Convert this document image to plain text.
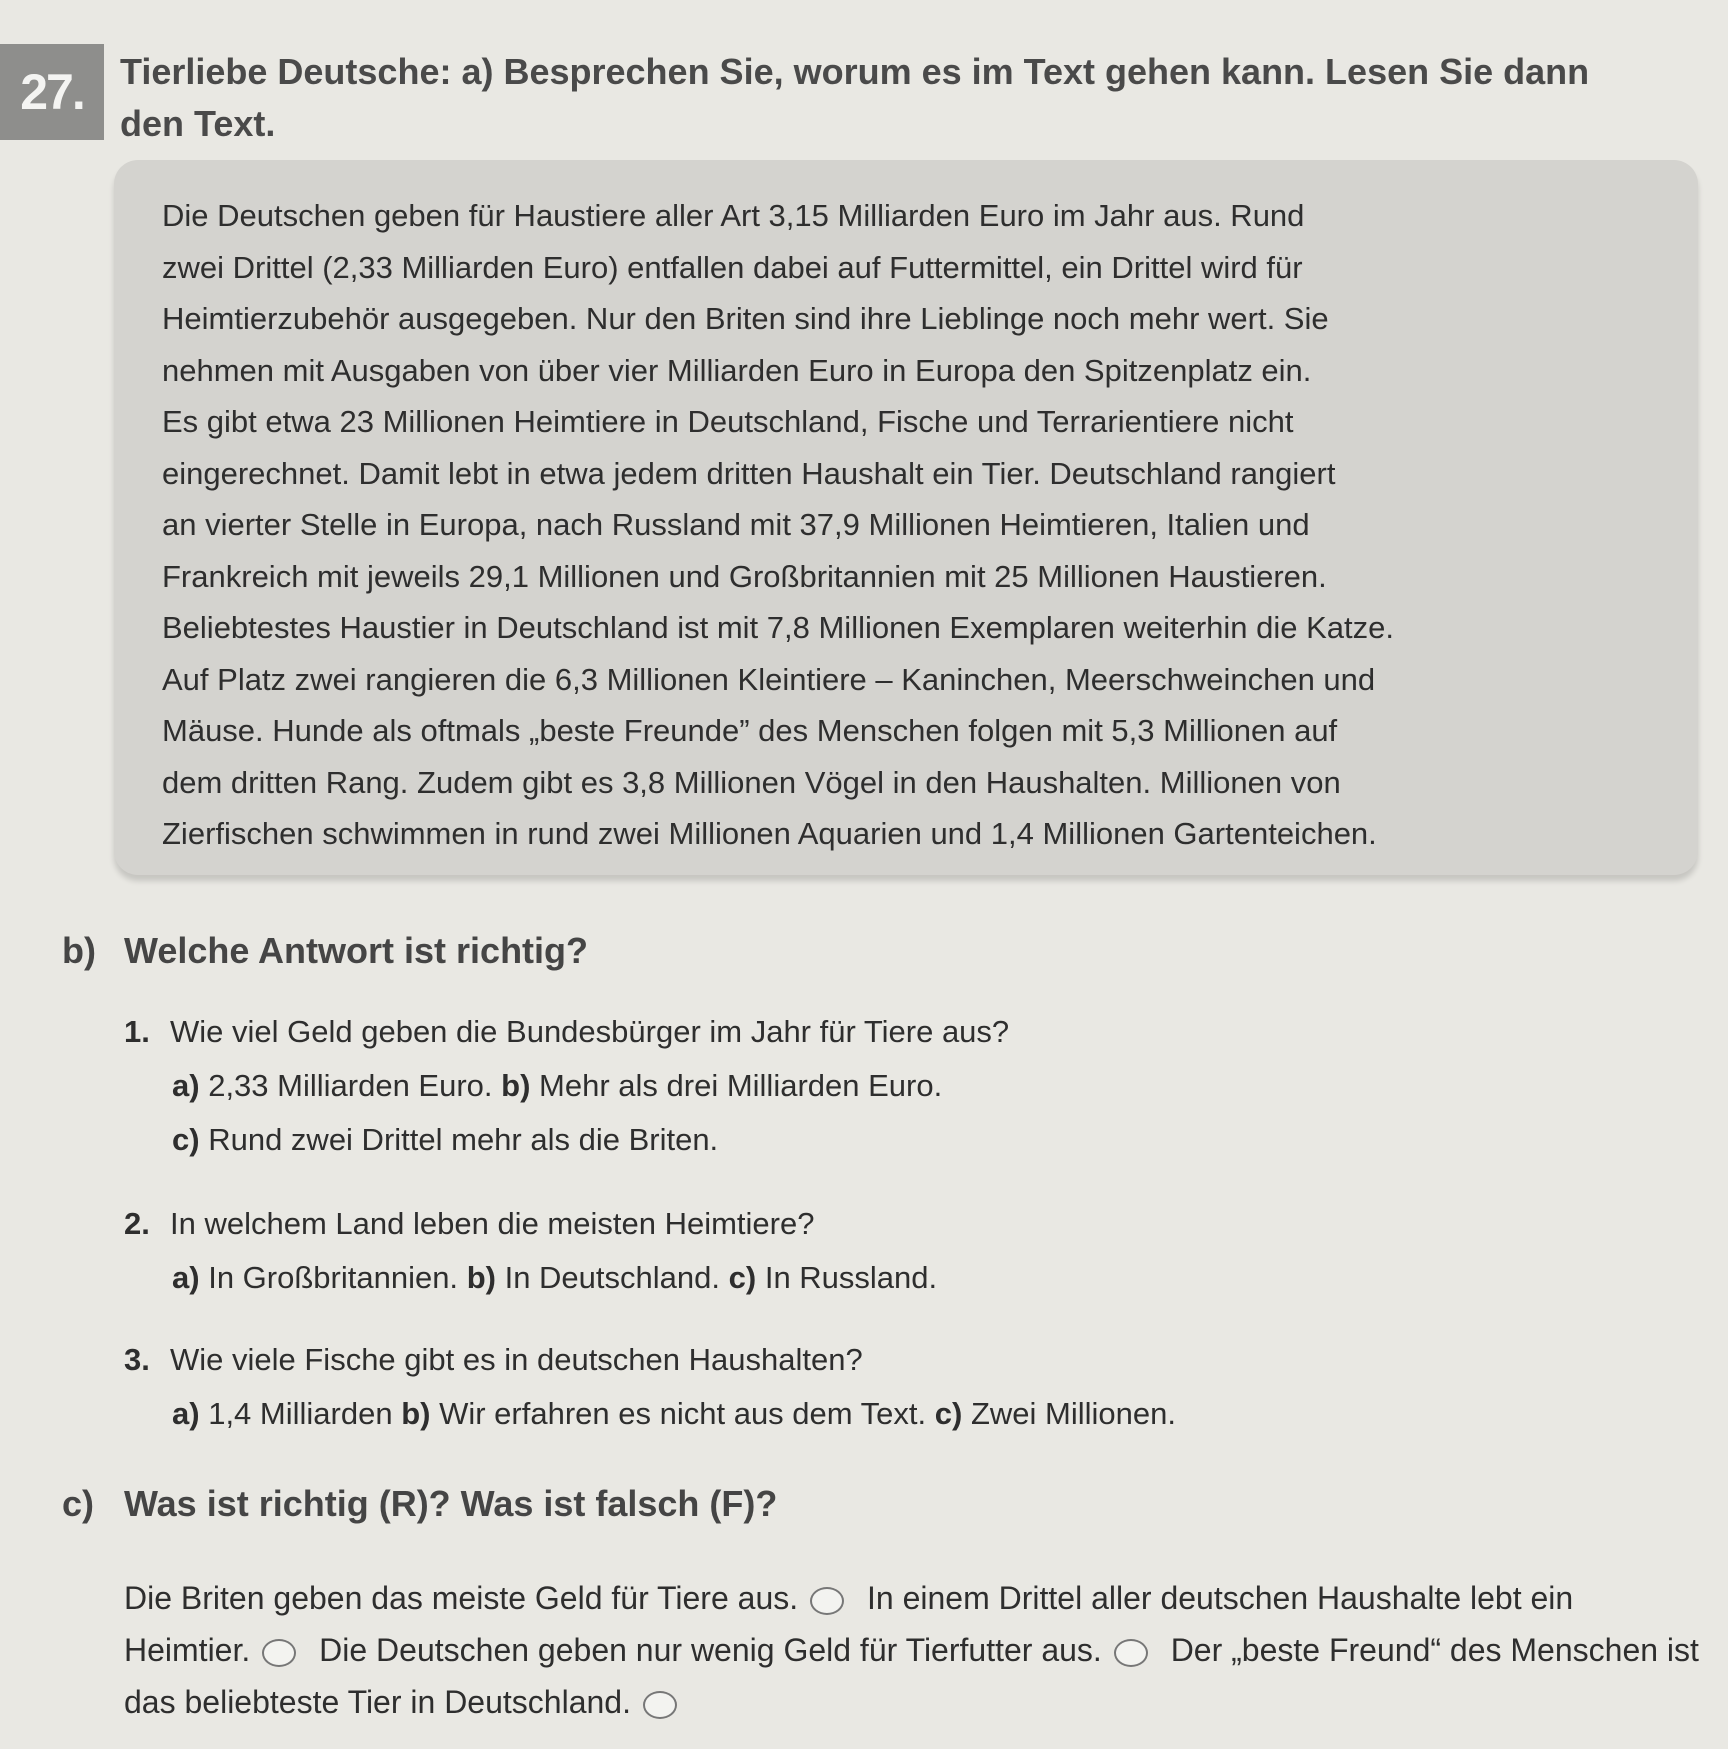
27.	Tierliebe Deutsche: a) Besprechen Sie, worum es im Text gehen kann. Lesen Sie dann den Text.
Die Deutschen geben für Haustiere aller Art 3,15 Milliarden Euro im Jahr aus. Rund
zwei Drittel (2,33 Milliarden Euro) entfallen dabei auf Futtermittel, ein Drittel wird für
Heimtierzubehör ausgegeben. Nur den Briten sind ihre Lieblinge noch mehr wert. Sie
nehmen mit Ausgaben von über vier Milliarden Euro in Europa den Spitzenplatz ein.
Es gibt etwa 23 Millionen Heimtiere in Deutschland, Fische und Terrarientiere nicht
eingerechnet. Damit lebt in etwa jedem dritten Haushalt ein Tier. Deutschland rangiert
an vierter Stelle in Europa, nach Russland mit 37,9 Millionen Heimtieren, Italien und
Frankreich mit jeweils 29,1 Millionen und Großbritannien mit 25 Millionen Haustieren.
Beliebtestes Haustier in Deutschland ist mit 7,8 Millionen Exemplaren weiterhin die Katze.
Auf Platz zwei rangieren die 6,3 Millionen Kleintiere – Kaninchen, Meerschweinchen und
Mäuse. Hunde als oftmals „beste Freunde” des Menschen folgen mit 5,3 Millionen auf
dem dritten Rang. Zudem gibt es 3,8 Millionen Vögel in den Haushalten. Millionen von
Zierfischen schwimmen in rund zwei Millionen Aquarien und 1,4 Millionen Gartenteichen.
b) Welche Antwort ist richtig?
1. Wie viel Geld geben die Bundesbürger im Jahr für Tiere aus?
a) 2,33 Milliarden Euro. b) Mehr als drei Milliarden Euro.
c) Rund zwei Drittel mehr als die Briten.
2. In welchem Land leben die meisten Heimtiere?
a) In Großbritannien. b) In Deutschland. c) In Russland.
3. Wie viele Fische gibt es in deutschen Haushalten?
a) 1,4 Milliarden b) Wir erfahren es nicht aus dem Text. c) Zwei Millionen.
c) Was ist richtig (R)? Was ist falsch (F)?
Die Briten geben das meiste Geld für Tiere aus. In einem Drittel aller deutschen Haushalte lebt ein Heimtier. Die Deutschen geben nur wenig Geld für Tierfutter aus. Der „beste Freund“ des Menschen ist das beliebteste Tier in Deutschland.
